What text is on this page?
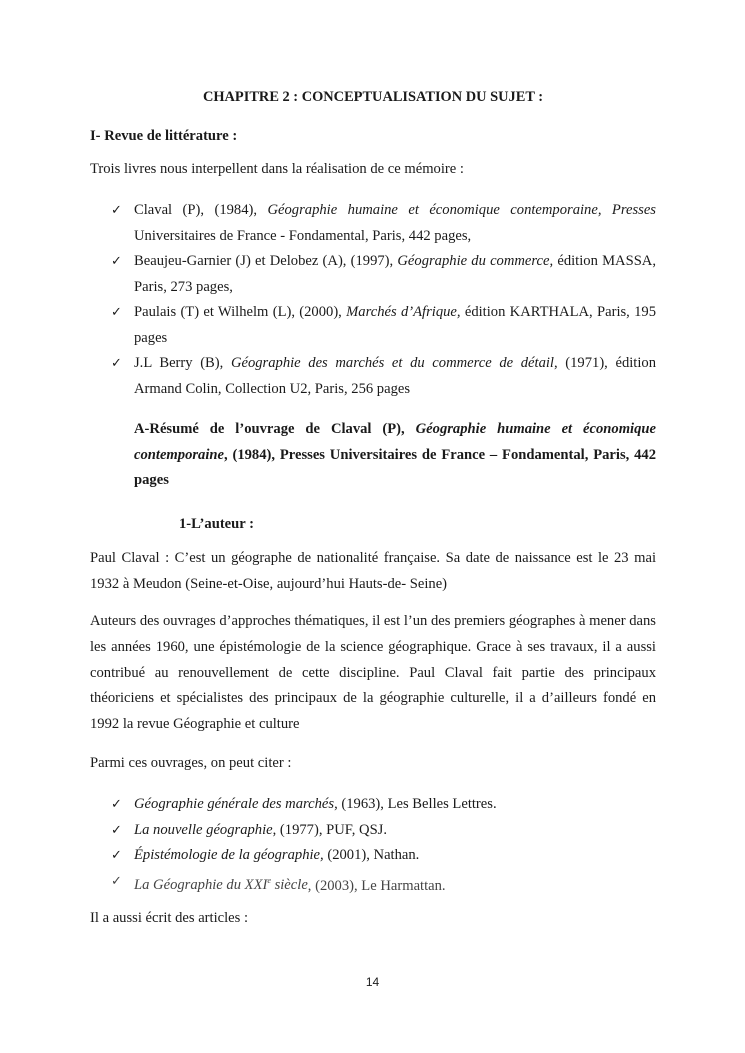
CHAPITRE 2 : CONCEPTUALISATION DU SUJET :
I- Revue de littérature :
Trois livres nous interpellent dans la réalisation de ce mémoire :
✓ Claval (P), (1984), Géographie humaine et économique contemporaine, Presses Universitaires de France - Fondamental, Paris, 442 pages,
✓ Beaujeu-Garnier (J) et Delobez (A), (1997), Géographie du commerce, édition MASSA, Paris, 273 pages,
✓ Paulais (T) et Wilhelm (L), (2000), Marchés d’Afrique, édition KARTHALA, Paris, 195 pages
✓ J.L Berry (B), Géographie des marchés et du commerce de détail, (1971), édition Armand Colin, Collection U2, Paris, 256 pages
A-Résumé de l’ouvrage de Claval (P), Géographie humaine et économique contemporaine, (1984), Presses Universitaires de France – Fondamental, Paris, 442 pages
1-L’auteur :
Paul Claval : C’est un géographe de nationalité française. Sa date de naissance est le 23 mai 1932 à Meudon (Seine-et-Oise, aujourd’hui Hauts-de- Seine)
Auteurs des ouvrages d’approches thématiques, il est l’un des premiers géographes à mener dans les années 1960, une épistémologie de la science géographique. Grace à ses travaux, il a aussi contribué au renouvellement de cette discipline. Paul Claval fait partie des principaux théoriciens et spécialistes des principaux de la géographie culturelle, il a d’ailleurs fondé en 1992 la revue Géographie et culture
Parmi ces ouvrages, on peut citer :
✓ Géographie générale des marchés, (1963), Les Belles Lettres.
✓ La nouvelle géographie, (1977), PUF, QSJ.
✓ Épistémologie de la géographie, (2001), Nathan.
✓ La Géographie du XXIe siècle, (2003), Le Harmattan.
Il a aussi écrit des articles :
14
